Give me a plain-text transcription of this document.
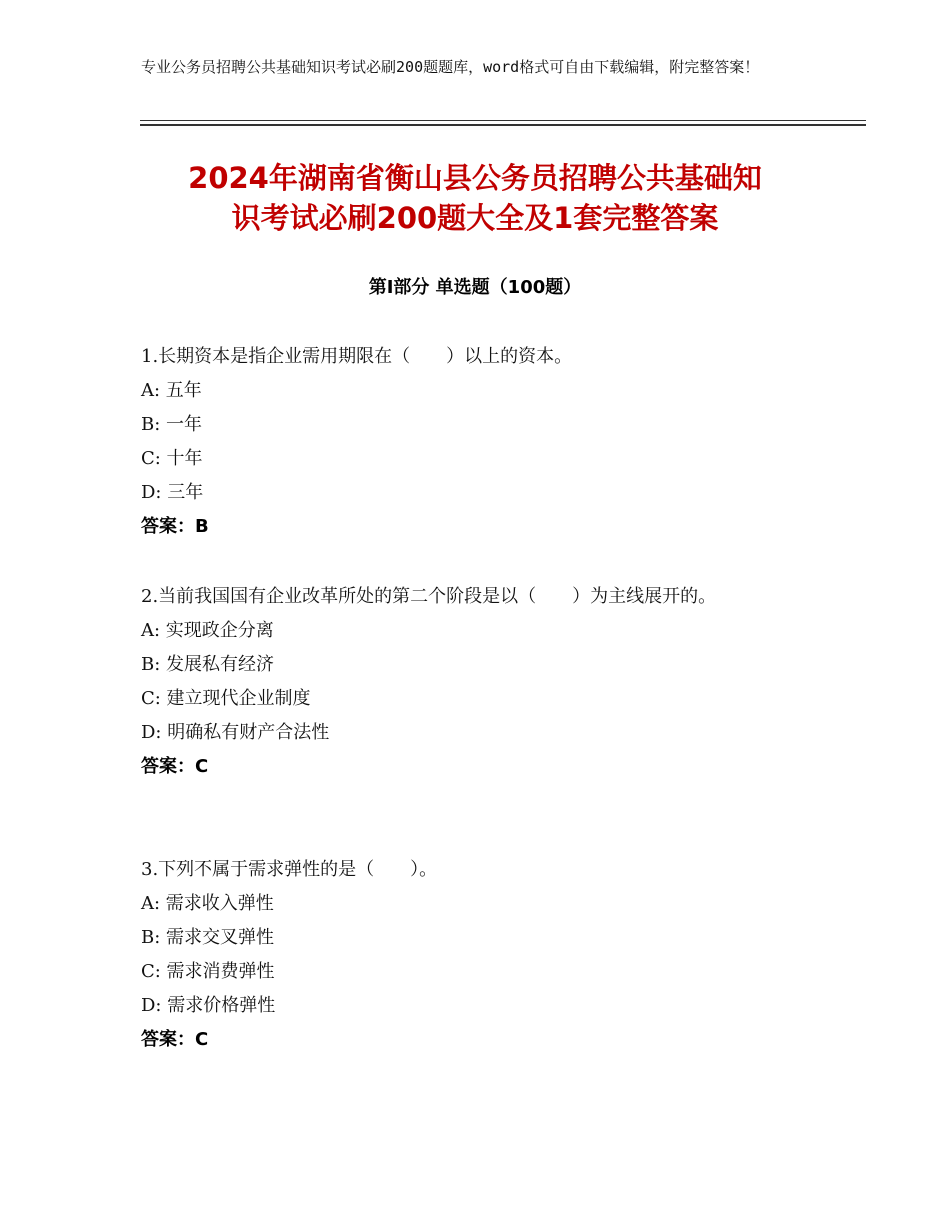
专业公务员招聘公共基础知识考试必刷200题题库，word格式可自由下载编辑，附完整答案！
2024年湖南省衡山县公务员招聘公共基础知
识考试必刷200题大全及1套完整答案
第Ⅰ部分 单选题（100题）

1.长期资本是指企业需用期限在（　　）以上的资本。

A: 五年

B: 一年

C: 十年

D: 三年

答案：B

2.当前我国国有企业改革所处的第二个阶段是以（　　）为主线展开的。

A: 实现政企分离

B: 发展私有经济

C: 建立现代企业制度

D: 明确私有财产合法性

答案：C

3.下列不属于需求弹性的是（　　）。

A: 需求收入弹性

B: 需求交叉弹性

C: 需求消费弹性

D: 需求价格弹性

答案：C
